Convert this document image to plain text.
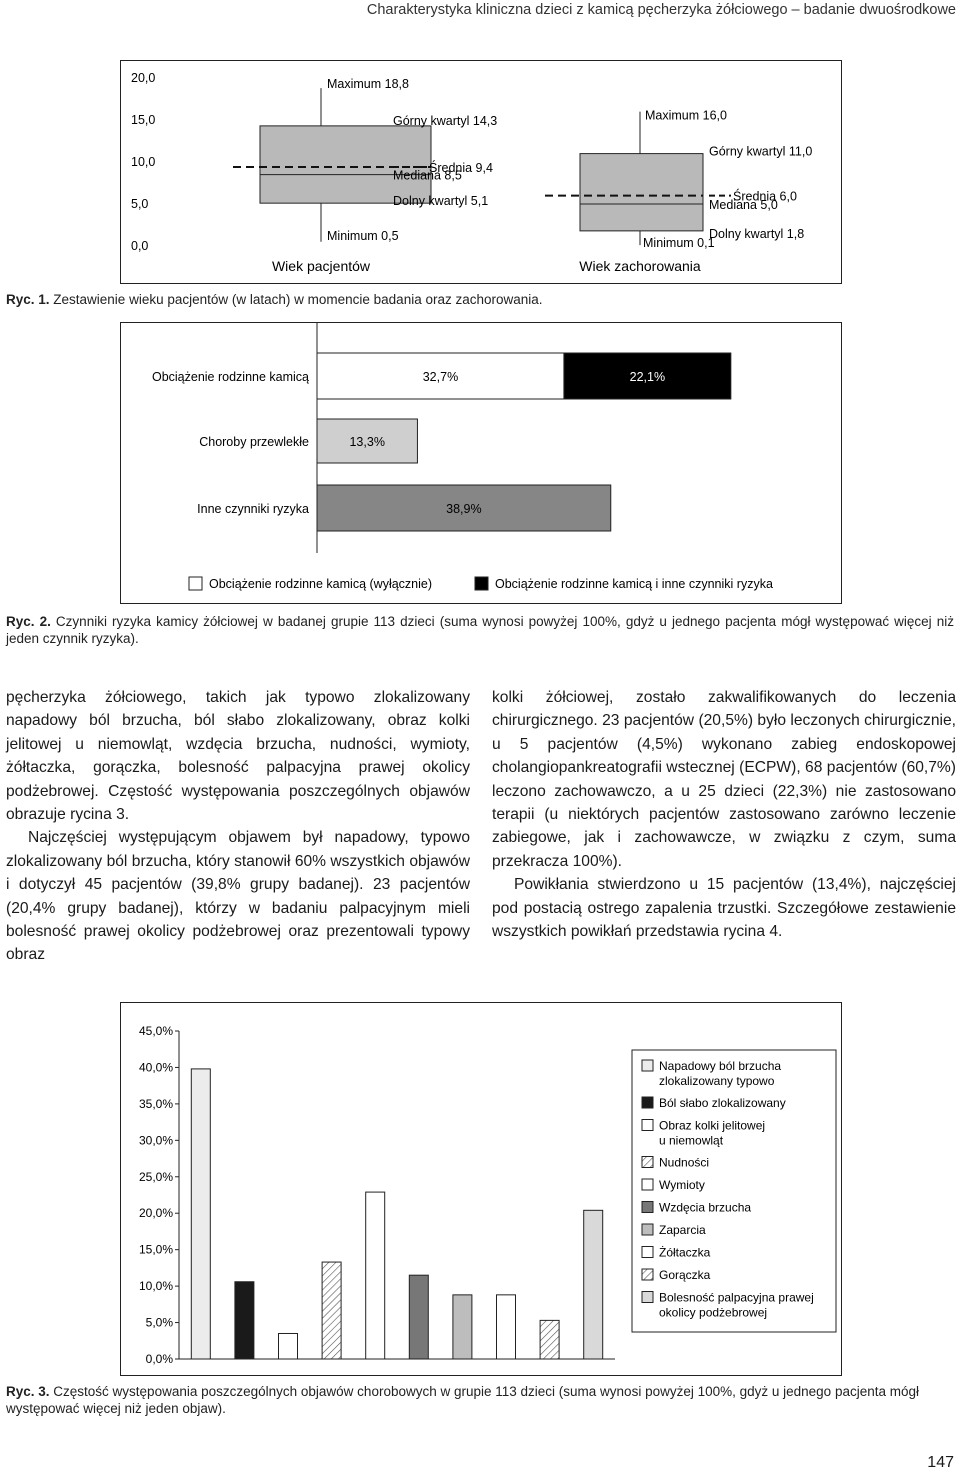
Charakterystyka kliniczna dzieci z kamicą pęcherzyka żółciowego – badanie dwuośrodkowe
20,0
15,0
10,0
5,0
0,0
Maximum 18,8
Górny kwartyl 14,3
Średnia 9,4
Mediana 8,5
Dolny kwartyl 5,1
Minimum 0,5
Wiek pacjentów
Maximum 16,0
Górny kwartyl 11,0
Średnia 6,0
Mediana 5,0
Dolny kwartyl 1,8
Minimum 0,1
Wiek zachorowania
Ryc. 1. Zestawienie wieku pacjentów (w latach) w momencie badania oraz zachorowania.
Obciążenie rodzinne kamicą	32,7%	22,1%
Choroby przewlekłe	13,3%
Inne czynniki ryzyka	38,9%
Obciążenie rodzinne kamicą (wyłącznie)	Obciążenie rodzinne kamicą i inne czynniki ryzyka
Ryc. 2. Czynniki ryzyka kamicy żółciowej w badanej grupie 113 dzieci (suma wynosi powyżej 100%, gdyż u jednego pacjenta mógł występować więcej niż jeden czynnik ryzyka).

pęcherzyka żółciowego, takich jak typowo zlokalizowany napadowy ból brzucha, ból słabo zlokalizowany, obraz kolki jelitowej u niemowląt, wzdęcia brzucha, nudności, wymioty, żółtaczka, gorączka, bolesność palpacyjna prawej okolicy podżebrowej. Częstość występowania poszczególnych objawów obrazuje rycina 3.

Najczęściej występującym objawem był napadowy, typowo zlokalizowany ból brzucha, który stanowił 60% wszystkich objawów i dotyczył 45 pacjentów (39,8% grupy badanej). 23 pacjentów (20,4% grupy badanej), którzy w badaniu palpacyjnym mieli bolesność prawej okolicy podżebrowej oraz prezentowali typowy obraz

kolki żółciowej, zostało zakwalifikowanych do leczenia chirurgicznego. 23 pacjentów (20,5%) było leczonych chirurgicznie, u 5 pacjentów (4,5%) wykonano zabieg endoskopowej cholangiopankreatografii wstecznej (ECPW), 68 pacjentów (60,7%) leczono zachowawczo, a u 25 dzieci (22,3%) nie zastosowano terapii (u niektórych pacjentów zastosowano zarówno leczenie zabiegowe, jak i zachowawcze, w związku z czym, suma przekracza 100%).

Powikłania stwierdzono u 15 pacjentów (13,4%), najczęściej pod postacią ostrego zapalenia trzustki. Szczegółowe zestawienie wszystkich powikłań przedstawia rycina 4.

45,0%
40,0%
35,0%
30,0%
25,0%
20,0%
15,0%
10,0%
5,0%
0,0%
Napadowy ból brzucha
zlokalizowany typowo
Ból słabo zlokalizowany
Obraz kolki jelitowej
u niemowląt
Nudności
Wymioty
Wzdęcia brzucha
Zaparcia
Żółtaczka
Gorączka
Bolesność palpacyjna prawej
okolicy podżebrowej
Ryc. 3. Częstość występowania poszczególnych objawów chorobowych w grupie 113 dzieci (suma wynosi powyżej 100%, gdyż u jednego pacjenta mógł występować więcej niż jeden objaw).
147
